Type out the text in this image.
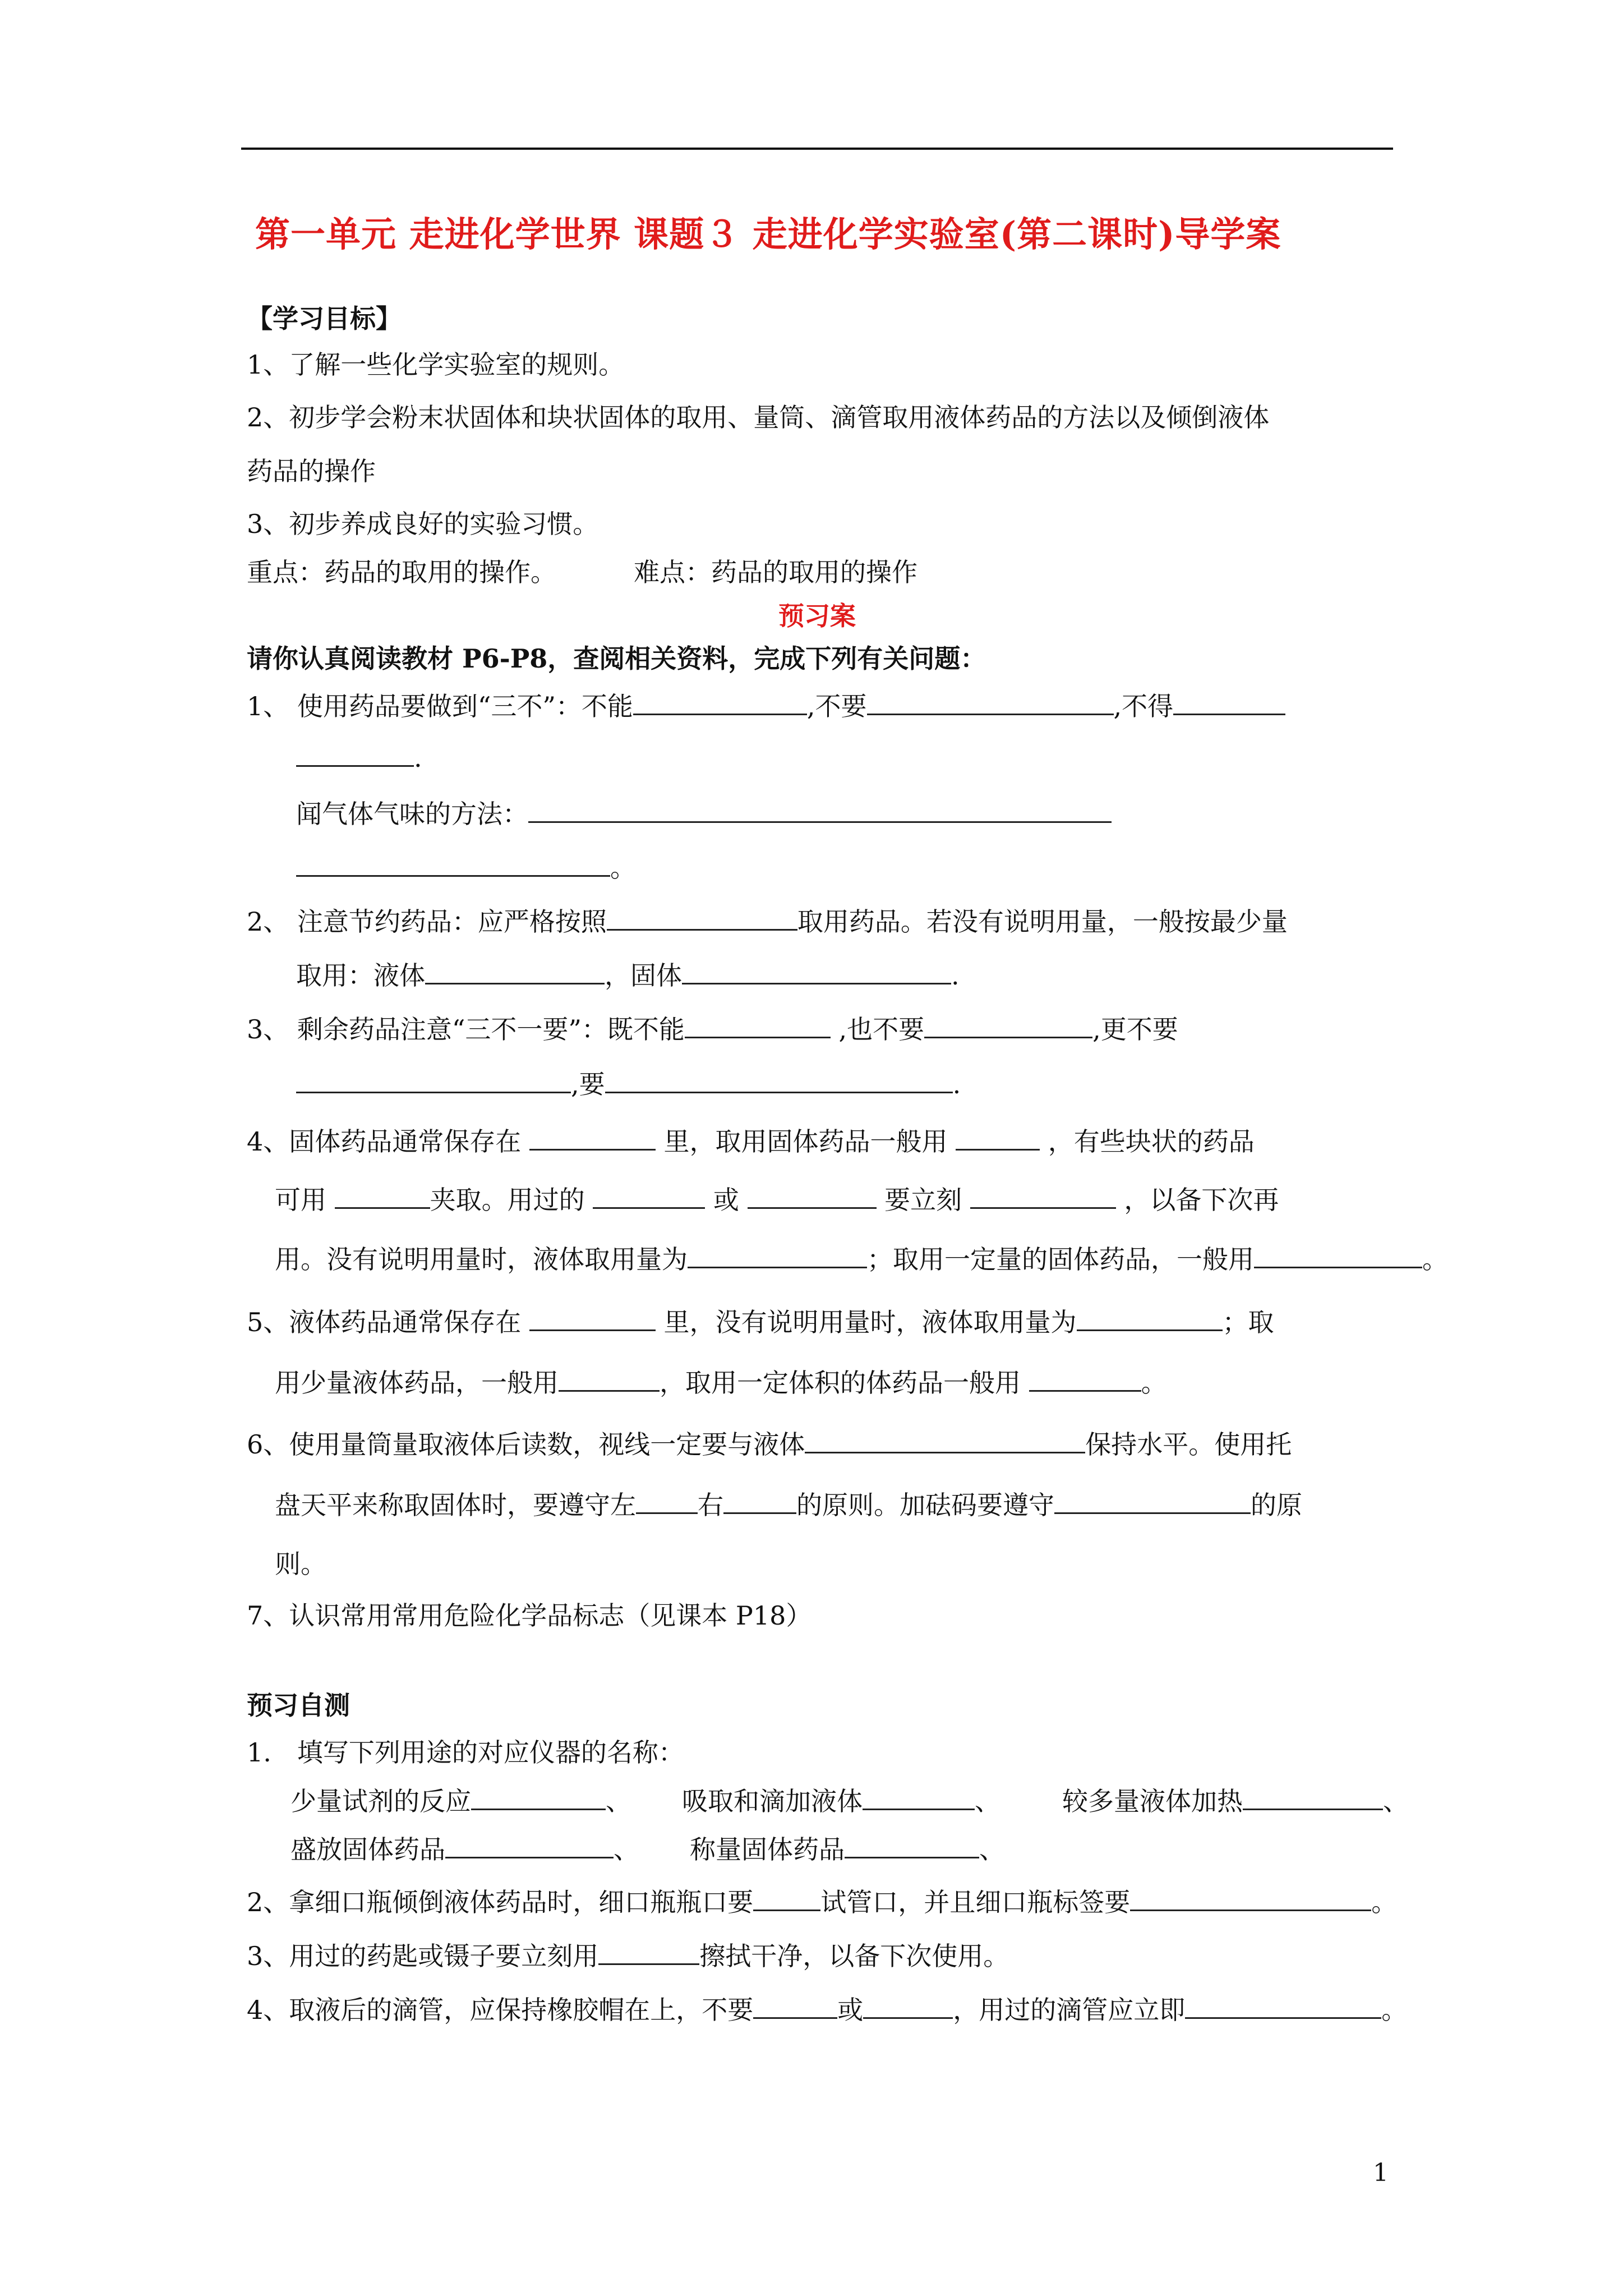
第一单元 走进化学世界 课题３ 走进化学实验室(第二课时)导学案
【学习目标】
1、了解一些化学实验室的规则。
2、初步学会粉末状固体和块状固体的取用、量筒、滴管取用液体药品的方法以及倾倒液体
药品的操作
3、初步养成良好的实验习惯。
重点：药品的取用的操作。	难点：药品的取用的操作
预习案
请你认真阅读教材 P6-P8，查阅相关资料，完成下列有关问题：
1、 使用药品要做到“三不”：不能	,不要	,不得
.
闻气体气味的方法：
。
2、 注意节约药品：应严格按照	取用药品。若没有说明用量，一般按最少量
取用：液体	，固体	.
3、 剩余药品注意“三不一要”：既不能	,也不要	,更不要
,要	.
4、固体药品通常保存在	里，取用固体药品一般用	，有些块状的药品
可用	夹取。用过的	或	要立刻	，以备下次再
用。没有说明用量时，液体取用量为	；取用一定量的固体药品，一般用	。
5、液体药品通常保存在	里，没有说明用量时，液体取用量为	；取
用少量液体药品，一般用	，取用一定体积的体药品一般用	。
6、使用量筒量取液体后读数，视线一定要与液体	保持水平。使用托
盘天平来称取固体时，要遵守左 右	的原则。加砝码要遵守	的原
则。
7、认识常用常用危险化学品标志（见课本 P18）
预习自测
1.　填写下列用途的对应仪器的名称：
少量试剂的反应	、 吸取和滴加液体	、 较多量液体加热	、
盛放固体药品	、 称量固体药品	、
2、拿细口瓶倾倒液体药品时，细口瓶瓶口要	试管口，并且细口瓶标签要	。
3、用过的药匙或镊子要立刻用	擦拭干净，以备下次使用。
4、取液后的滴管，应保持橡胶帽在上，不要	或	，用过的滴管应立即	。
1
